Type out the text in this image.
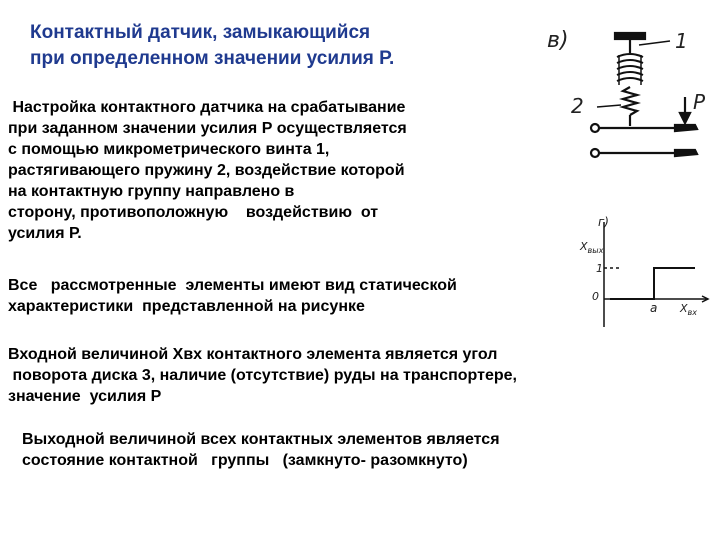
Контактный датчик, замыкающийся
при определенном значении усилия Р.
Настройка контактного датчика на срабатывание
при заданном значении усилия Р осуществляется
с помощью микрометрического винта 1,
растягивающего пружину 2, воздействие которой
на контактную группу направлено в
сторону, противоположную    воздействию  от
усилия Р.
Все   рассмотренные  элементы имеют вид статической
характеристики  представленной на рисунке
Входной величиной Хвх контактного элемента является угол
поворота диска 3, наличие (отсутствие) руды на транспортере,
значение  усилия Р
Выходной величиной всех контактных элементов является
состояние контактной   группы   (замкнуто- разомкнуто)
в)	1
2	P
г)
$X_{вых}$
1
0
a $X_{вх}$
